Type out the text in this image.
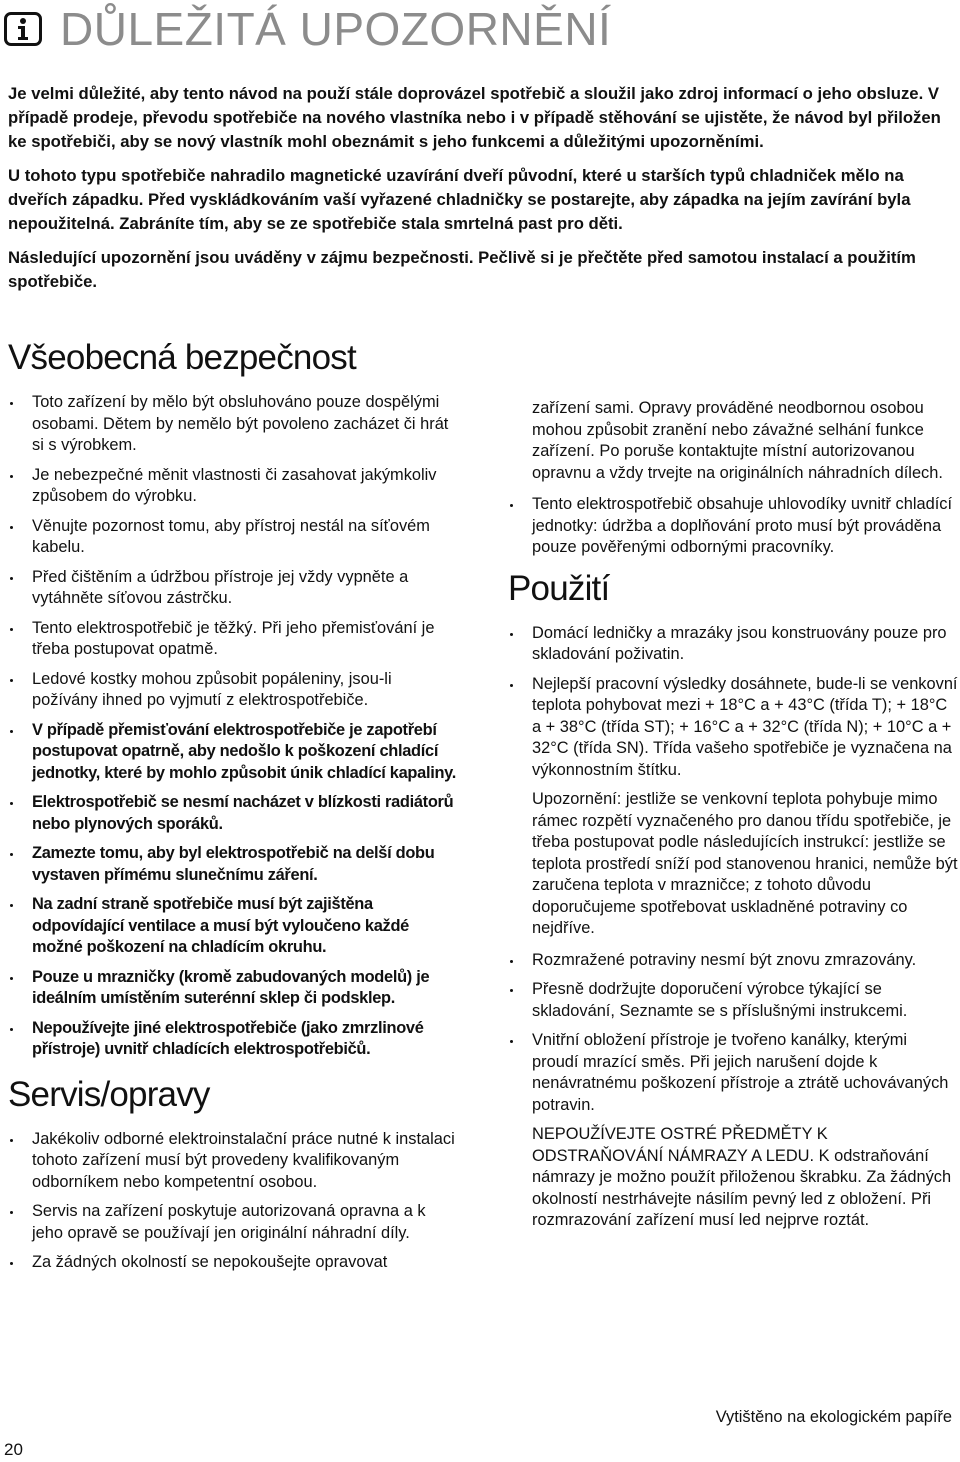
DŮLEŽITÁ UPOZORNĚNÍ

Je velmi důležité, aby tento návod na použí stále doprovázel spotřebič a sloužil jako zdroj informací o jeho obsluze. V případě prodeje, převodu spotřebiče na nového vlastníka nebo i v případě stěhování se ujistěte, že návod byl přiložen ke spotřebiči, aby se nový vlastník mohl obeznámit s jeho funkcemi a důležitými upozorněními.

U tohoto typu spotřebiče nahradilo magnetické uzavírání dveří původní, které u starších typů chladniček mělo na dveřích západku. Před vyskládkováním vaší vyřazené chladničky se postarejte, aby západka na jejím zavírání byla nepoužitelná. Zabráníte tím, aby se ze spotřebiče stala smrtelná past pro děti.

Následující upozornění jsou uváděny v zájmu bezpečnosti. Pečlivě si je přečtěte před samotou instalací a použitím spotřebiče.

Všeobecná bezpečnost
Toto zařízení by mělo být obsluhováno pouze dospělými osobami. Dětem by nemělo být povoleno zacházet či hrát si s výrobkem.
Je nebezpečné měnit vlastnosti či zasahovat jakýmkoliv způsobem do výrobku.
Věnujte pozornost tomu, aby přístroj nestál na síťovém kabelu.
Před čištěním a údržbou přístroje jej vždy vypněte a vytáhněte síťovou zástrčku.
Tento elektrospotřebič je těžký. Při jeho přemisťování je třeba postupovat opatmě.
Ledové kostky mohou způsobit popáleniny, jsou-li požívány ihned po vyjmutí z elektrospotřebiče.
V případě přemisťování elektrospotřebiče je zapotřebí postupovat opatrně, aby nedošlo k poškození chladící jednotky, které by mohlo způsobit únik chladící kapaliny.
Elektrospotřebič se nesmí nacházet v blízkosti radiátorů nebo plynových sporáků.
Zamezte tomu, aby byl elektrospotřebič na delší dobu vystaven přímému slunečnímu záření.
Na zadní straně spotřebiče musí být zajištěna odpovídající ventilace a musí být vyloučeno každé možné poškození na chladícím okruhu.
Pouze u mrazničky (kromě zabudovaných modelů) je ideálním umístěním suterénní sklep či podsklep.
Nepoužívejte jiné elektrospotřebiče (jako zmrzlinové přístroje) uvnitř chladících elektrospotřebičů.
Servis/opravy
Jakékoliv odborné elektroinstalační práce nutné k instalaci tohoto zařízení musí být provedeny kvalifikovaným odborníkem nebo kompetentní osobou.
Servis na zařízení poskytuje autorizovaná opravna a k jeho opravě se používají jen originální náhradní díly.
Za žádných okolností se nepokoušejte opravovat
zařízení sami. Opravy prováděné neodbornou osobou mohou způsobit zranění nebo závažné selhání funkce zařízení. Po poruše kontaktujte místní autorizovanou opravnu a vždy trvejte na originálních náhradních dílech.
Tento elektrospotřebič obsahuje uhlovodíky uvnitř chladící jednotky: údržba a doplňování proto musí být prováděna pouze pověřenými odbornými pracovníky.
Použití
Domácí ledničky a mrazáky jsou konstruovány pouze pro skladování poživatin.
Nejlepší pracovní výsledky dosáhnete, bude-li se venkovní teplota pohybovat mezi + 18°C a + 43°C (třída T); + 18°C a + 38°C (třída ST); + 16°C a + 32°C (třída N); + 10°C a + 32°C (třída SN). Třída vašeho spotřebiče je vyznačena na výkonnostním štítku.
Upozornění: jestliže se venkovní teplota pohybuje mimo rámec rozpětí vyznačeného pro danou třídu spotřebiče, je třeba postupovat podle následujících instrukcí: jestliže se teplota prostředí sníží pod stanovenou hranici, nemůže být zaručena teplota v mrazničce; z tohoto důvodu doporučujeme spotřebovat uskladněné potraviny co nejdříve.
Rozmražené potraviny nesmí být znovu zmrazovány.
Přesně dodržujte doporučení výrobce týkající se skladování, Seznamte se s příslušnými instrukcemi.
Vnitřní obložení přístroje je tvořeno kanálky, kterými proudí mrazící směs. Při jejich narušení dojde k nenávratnému poškození přístroje a ztrátě uchovávaných potravin.
NEPOUŽÍVEJTE OSTRÉ PŘEDMĚTY K ODSTRAŇOVÁNÍ NÁMRAZY A LEDU. K odstraňování námrazy je možno použít přiloženou škrabku. Za žádných okolností nestrhávejte násilím pevný led z obložení. Při rozmrazování zařízení musí led nejprve roztát.
Vytištěno na ekologickém papíře
20
